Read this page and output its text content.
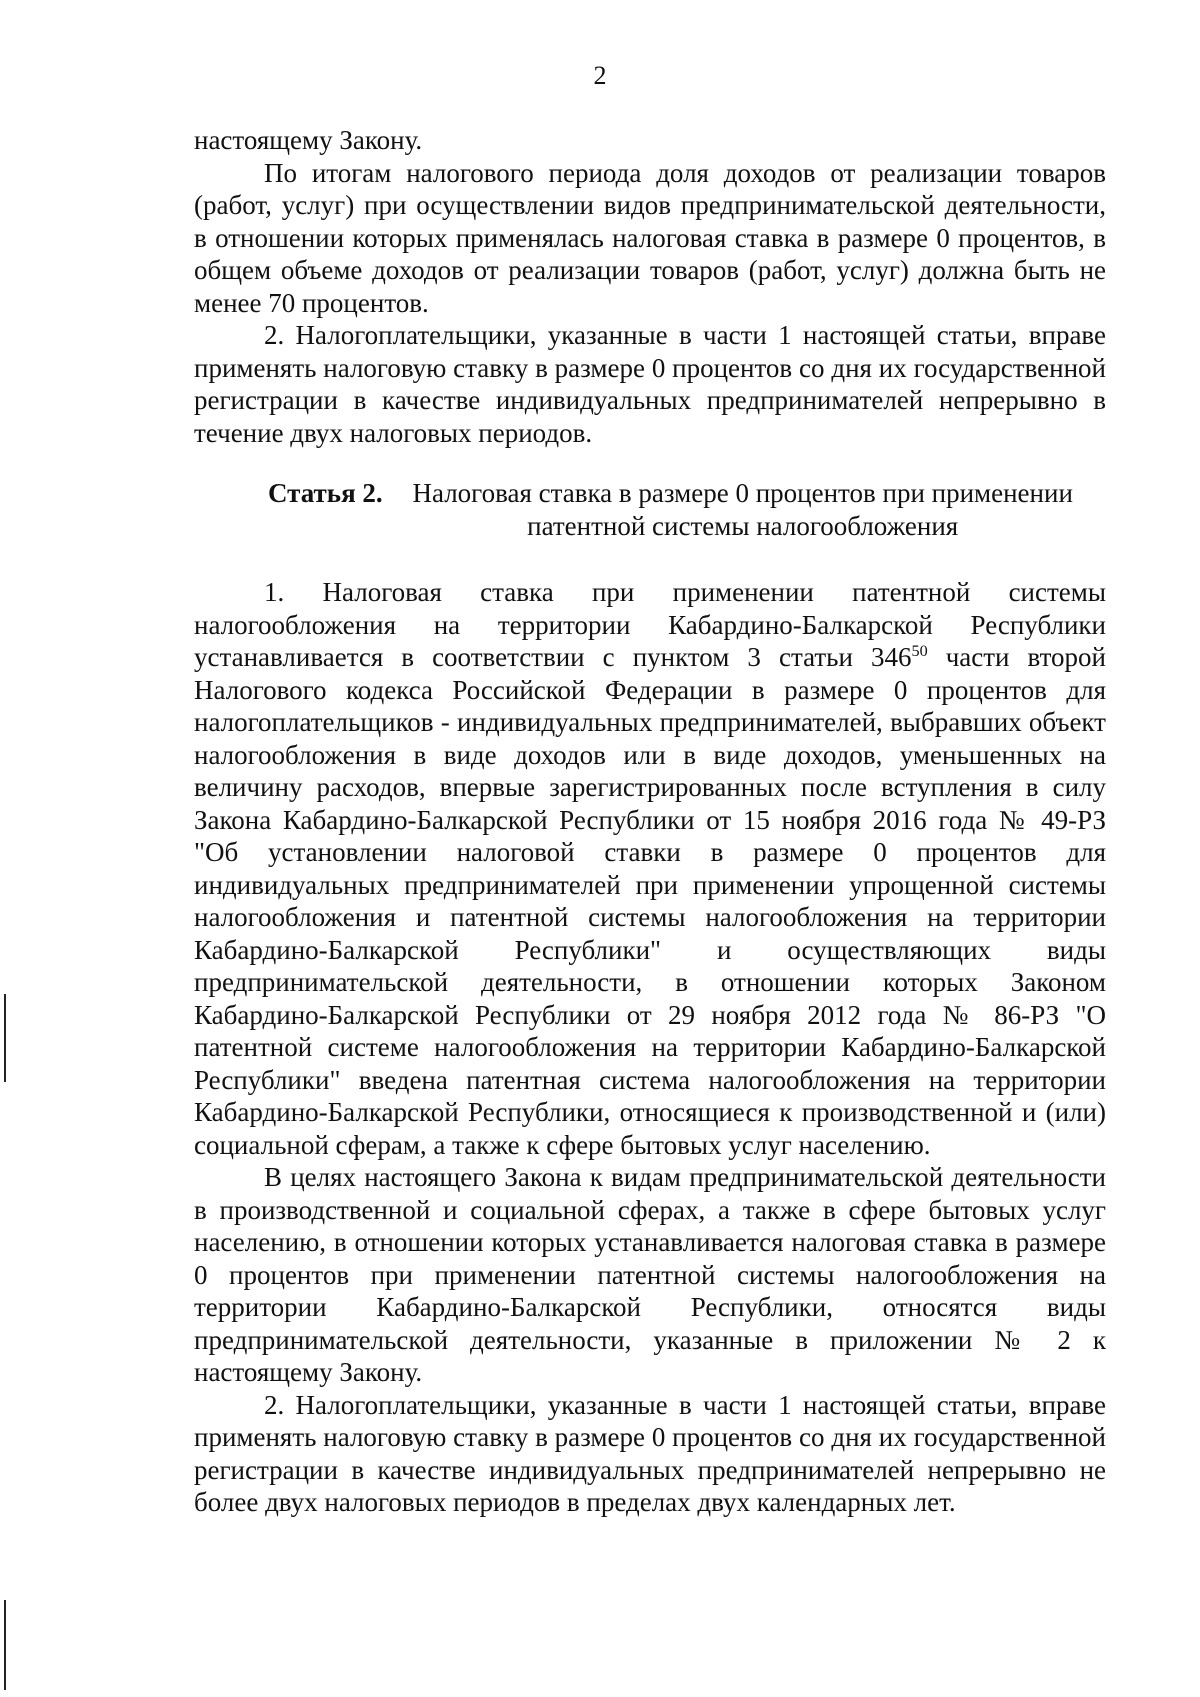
2

настоящему Закону.

По итогам налогового периода доля доходов от реализации товаров (работ, услуг) при осуществлении видов предпринимательской деятельности, в отношении которых применялась налоговая ставка в размере 0 процентов, в общем объеме доходов от реализации товаров (работ, услуг) должна быть не менее 70 процентов.

2. Налогоплательщики, указанные в части 1 настоящей статьи, вправе применять налоговую ставку в размере 0 процентов со дня их государственной регистрации в качестве индивидуальных предпринимателей непрерывно в течение двух налоговых периодов.

Статья 2.	Налоговая ставка в размере 0 процентов при применении
патентной системы налогообложения

1. Налоговая ставка при применении патентной системы налогообложения на территории Кабардино-Балкарской Республики устанавливается в соответствии с пунктом 3 статьи $346^{50}$ части второй Налогового кодекса Российской Федерации в размере 0 процентов для налогоплательщиков - индивидуальных предпринимателей, выбравших объект налогообложения в виде доходов или в виде доходов, уменьшенных на величину расходов, впервые зарегистрированных после вступления в силу Закона Кабардино-Балкарской Республики от 15 ноября 2016 года № 49-РЗ "Об установлении налоговой ставки в размере 0 процентов для индивидуальных предпринимателей при применении упрощенной системы налогообложения и патентной системы налогообложения на территории Кабардино-Балкарской Республики" и осуществляющих виды предпринимательской деятельности, в отношении которых Законом Кабардино-Балкарской Республики от 29 ноября 2012 года № 86-РЗ "О патентной системе налогообложения на территории Кабардино-Балкарской Республики" введена патентная система налогообложения на территории Кабардино-Балкарской Республики, относящиеся к производственной и (или) социальной сферам, а также к сфере бытовых услуг населению.

В целях настоящего Закона к видам предпринимательской деятельности в производственной и социальной сферах, а также в сфере бытовых услуг населению, в отношении которых устанавливается налоговая ставка в размере 0 процентов при применении патентной системы налогообложения на территории Кабардино-Балкарской Республики, относятся виды предпринимательской деятельности, указанные в приложении № 2 к настоящему Закону.

2. Налогоплательщики, указанные в части 1 настоящей статьи, вправе применять налоговую ставку в размере 0 процентов со дня их государственной регистрации в качестве индивидуальных предпринимателей непрерывно не более двух налоговых периодов в пределах двух календарных лет.
